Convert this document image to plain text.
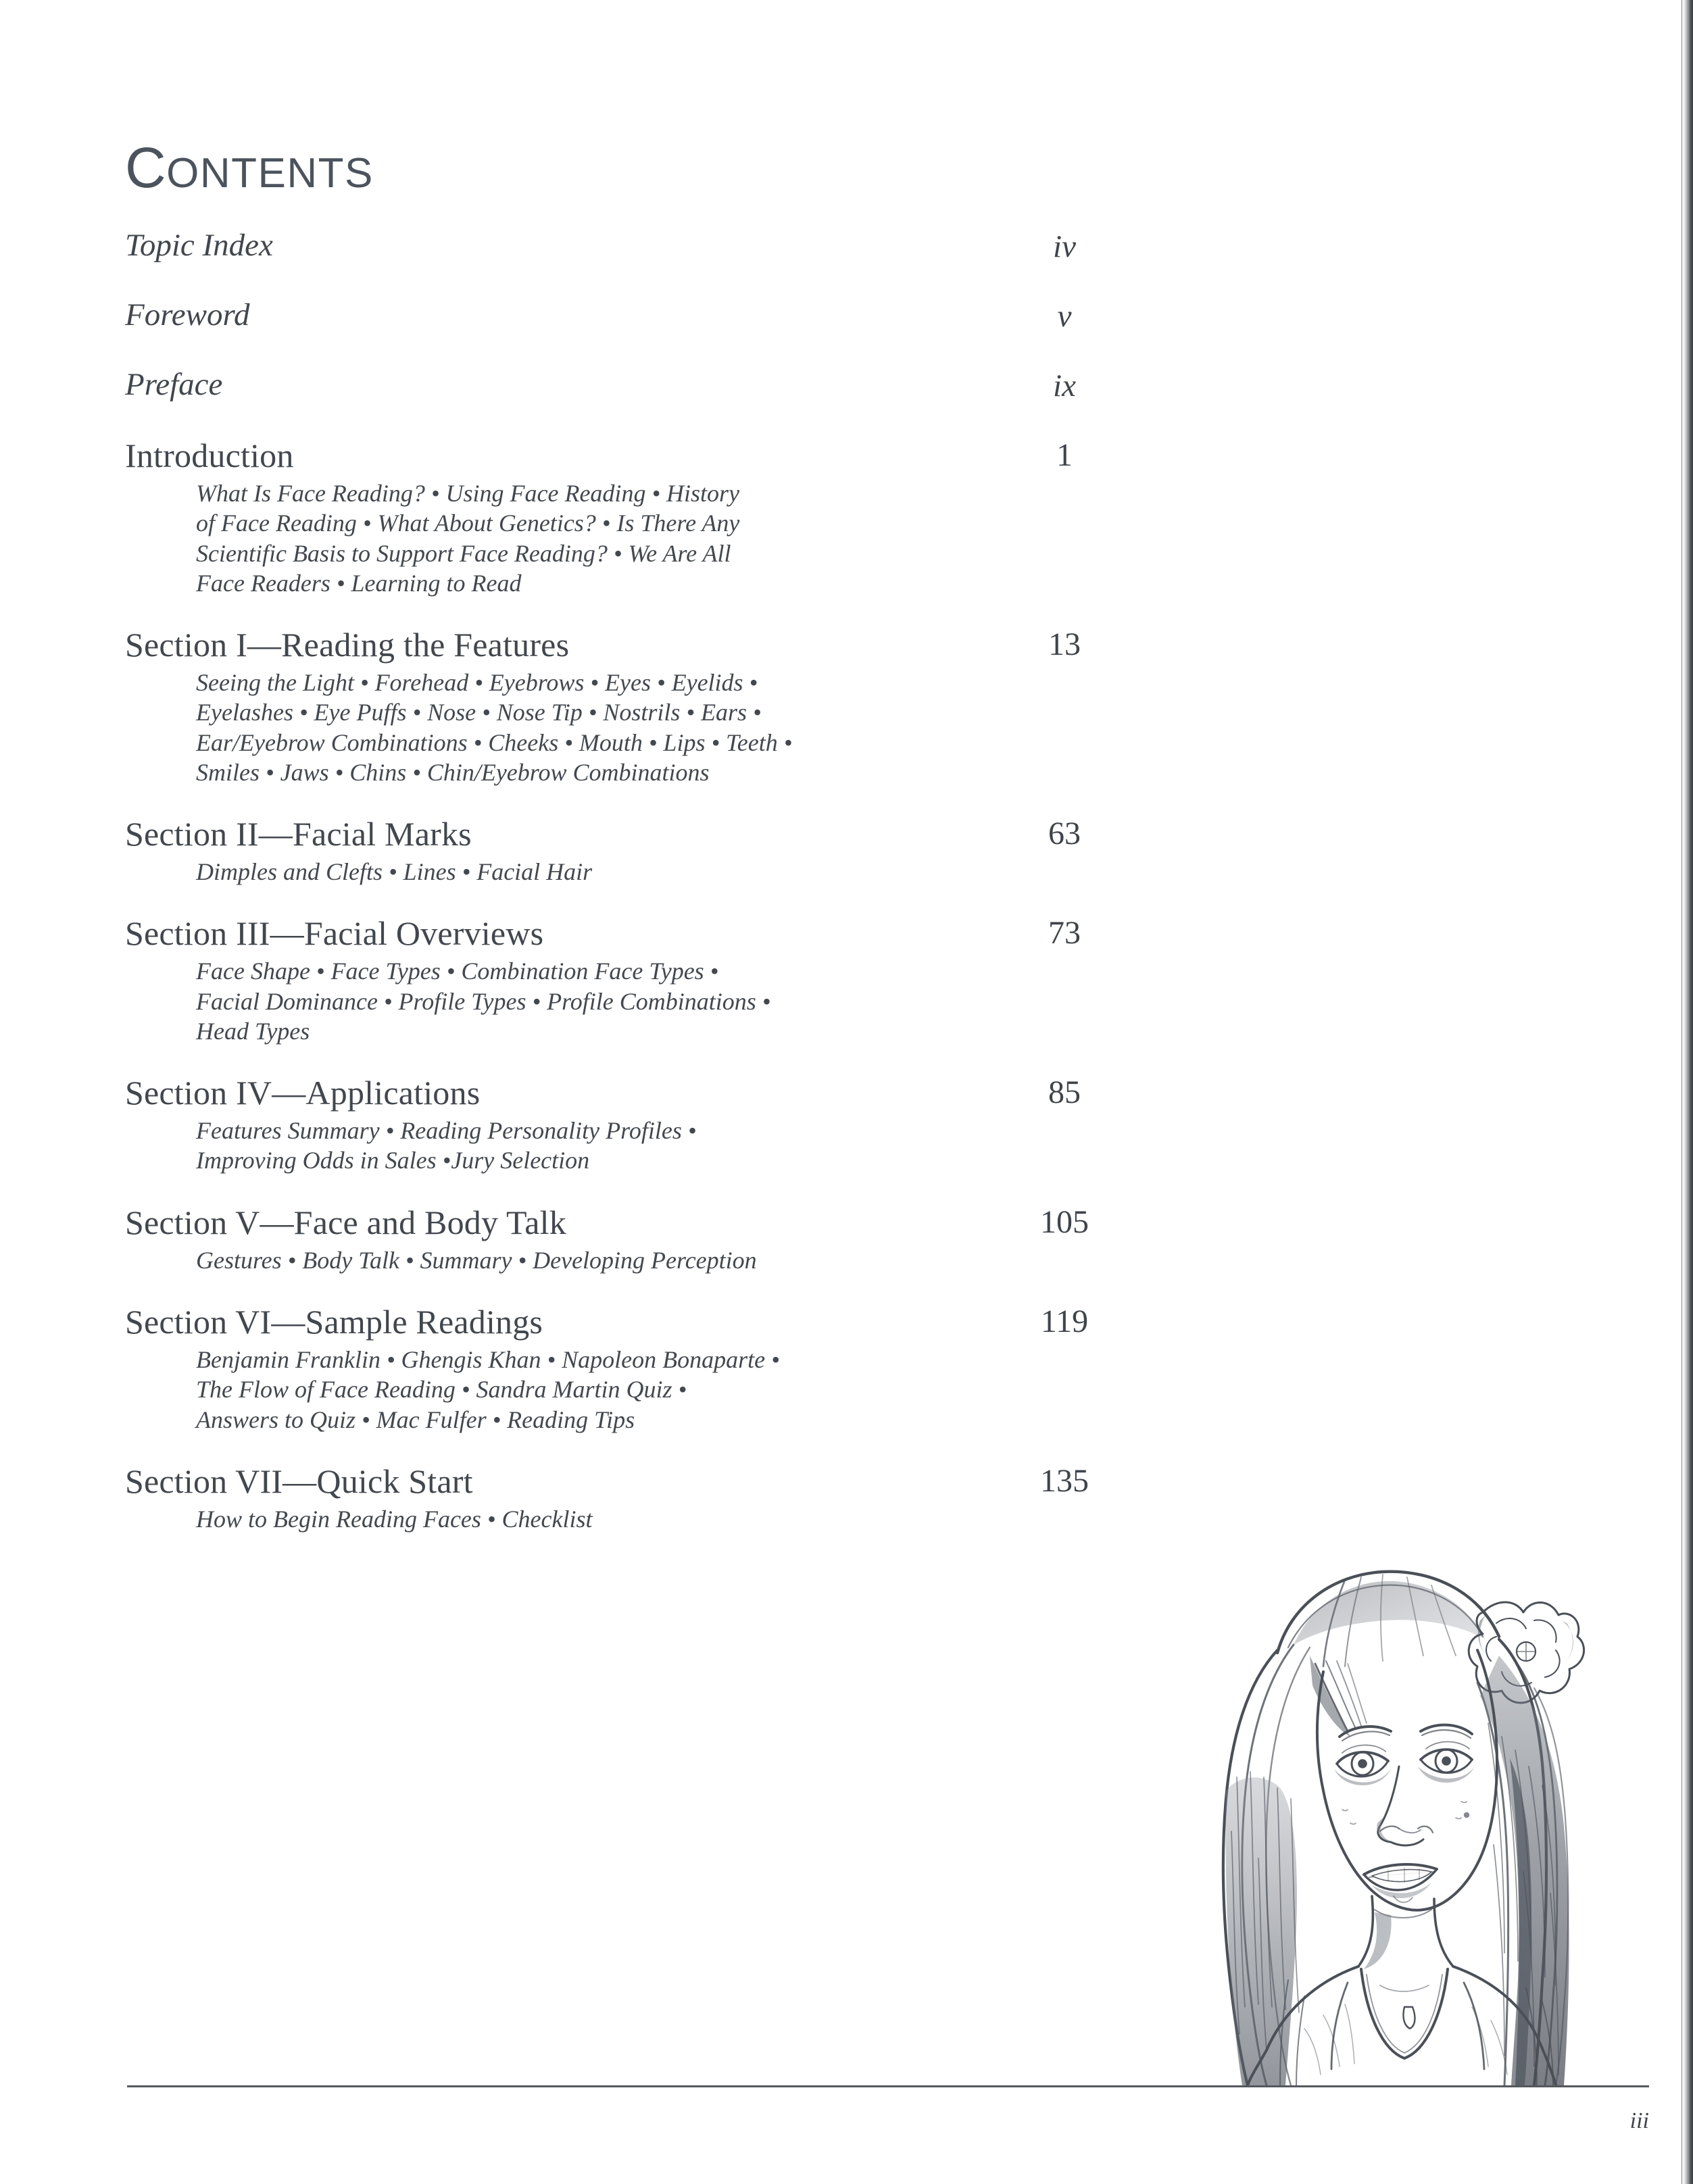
CONTENTS
Topic Index	iv
Foreword	v
Preface	ix
Introduction	1
What Is Face Reading? • Using Face Reading • History
of Face Reading • What About Genetics? • Is There Any
Scientific Basis to Support Face Reading? • We Are All
Face Readers • Learning to Read
Section I—Reading the Features	13
Seeing the Light • Forehead • Eyebrows • Eyes • Eyelids •
Eyelashes • Eye Puffs • Nose • Nose Tip • Nostrils • Ears •
Ear/Eyebrow Combinations • Cheeks • Mouth • Lips • Teeth •
Smiles • Jaws • Chins • Chin/Eyebrow Combinations
Section II—Facial Marks	63
Dimples and Clefts • Lines • Facial Hair
Section III—Facial Overviews	73
Face Shape • Face Types • Combination Face Types •
Facial Dominance • Profile Types • Profile Combinations •
Head Types
Section IV—Applications	85
Features Summary • Reading Personality Profiles •
Improving Odds in Sales •Jury Selection
Section V—Face and Body Talk	105
Gestures • Body Talk • Summary • Developing Perception
Section VI—Sample Readings	119
Benjamin Franklin • Ghengis Khan • Napoleon Bonaparte •
The Flow of Face Reading • Sandra Martin Quiz •
Answers to Quiz • Mac Fulfer • Reading Tips
Section VII—Quick Start	135
How to Begin Reading Faces • Checklist
iii
